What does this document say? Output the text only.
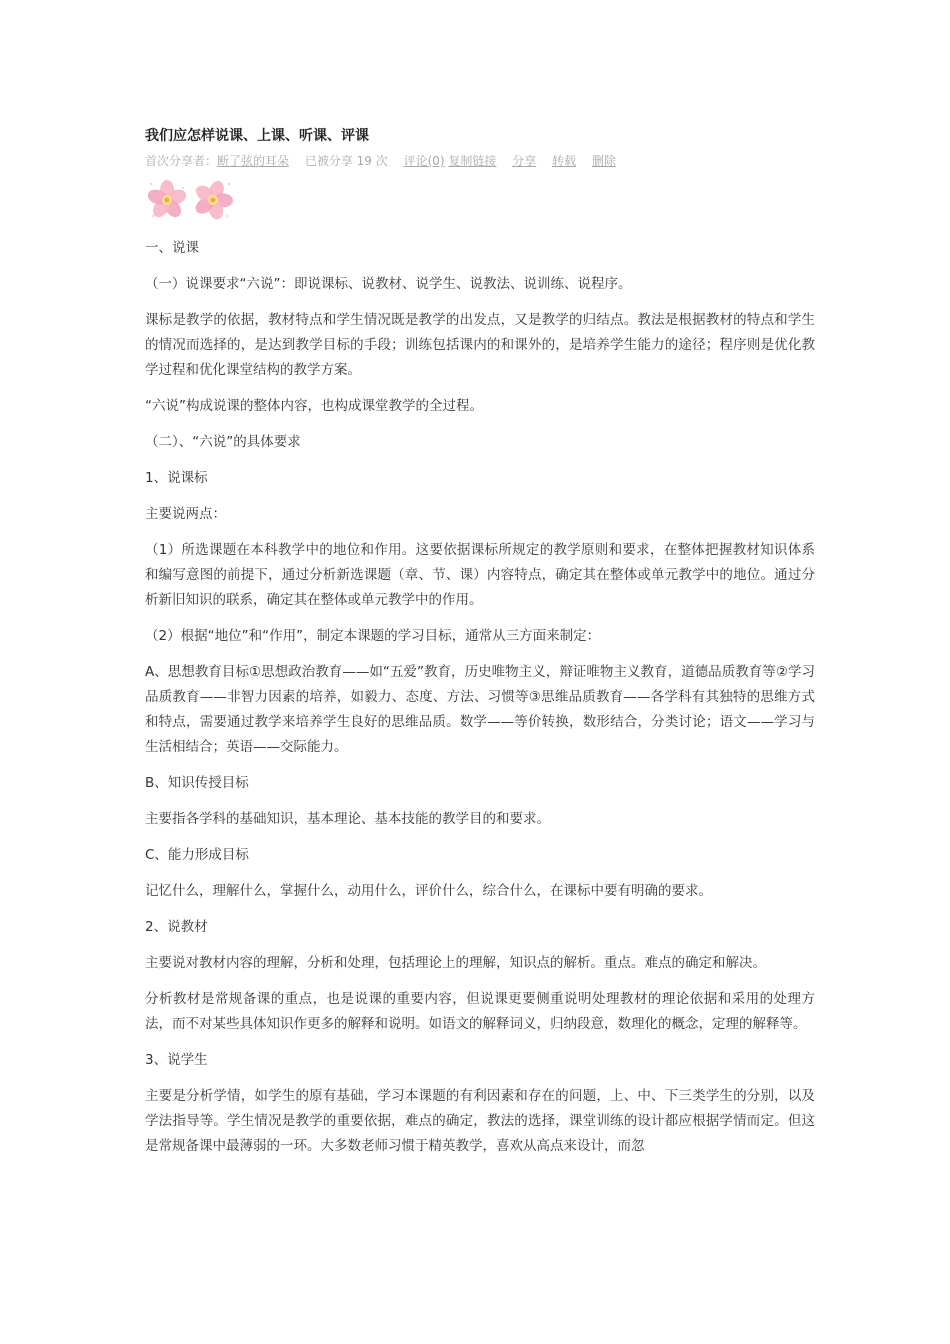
我们应怎样说课、上课、听课、评课
首次分享者：断了弦的耳朵 已被分享 19 次 评论(0) 复制链接 分享 转载 删除

一、说课

（一）说课要求“六说”：即说课标、说教材、说学生、说教法、说训练、说程序。

课标是教学的依据，教材特点和学生情况既是教学的出发点，又是教学的归结点。教法是根据教材的特点和学生的情况而选择的，是达到教学目标的手段；训练包括课内的和课外的，是培养学生能力的途径；程序则是优化教学过程和优化课堂结构的教学方案。

“六说”构成说课的整体内容，也构成课堂教学的全过程。

（二）、“六说”的具体要求

1、说课标

主要说两点：

（1）所选课题在本科教学中的地位和作用。这要依据课标所规定的教学原则和要求，在整体把握教材知识体系和编写意图的前提下，通过分析新选课题（章、节、课）内容特点，确定其在整体或单元教学中的地位。通过分析新旧知识的联系，确定其在整体或单元教学中的作用。

（2）根据“地位”和“作用”，制定本课题的学习目标，通常从三方面来制定：

A、思想教育目标①思想政治教育——如“五爱”教育，历史唯物主义，辩证唯物主义教育，道德品质教育等②学习品质教育——非智力因素的培养，如毅力、态度、方法、习惯等③思维品质教育——各学科有其独特的思维方式和特点，需要通过教学来培养学生良好的思维品质。数学——等价转换，数形结合，分类讨论；语文——学习与生活相结合；英语——交际能力。

B、知识传授目标

主要指各学科的基础知识，基本理论、基本技能的教学目的和要求。

C、能力形成目标

记忆什么，理解什么，掌握什么，动用什么，评价什么，综合什么，在课标中要有明确的要求。

2、说教材

主要说对教材内容的理解，分析和处理，包括理论上的理解，知识点的解析。重点。难点的确定和解决。

分析教材是常规备课的重点，也是说课的重要内容，但说课更要侧重说明处理教材的理论依据和采用的处理方法，而不对某些具体知识作更多的解释和说明。如语文的解释词义，归纳段意，数理化的概念，定理的解释等。

3、说学生

主要是分析学情，如学生的原有基础，学习本课题的有利因素和存在的问题，上、中、下三类学生的分别，以及学法指导等。学生情况是教学的重要依据，难点的确定，教法的选择，课堂训练的设计都应根据学情而定。但这是常规备课中最薄弱的一环。大多数老师习惯于精英教学，喜欢从高点来设计，而忽
